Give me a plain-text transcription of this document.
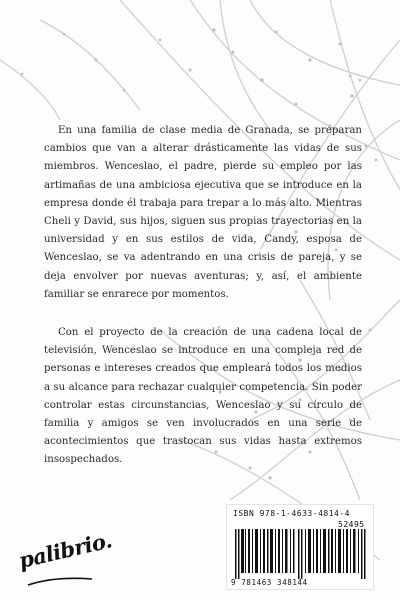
En una familia de clase media de Granada, se preparan cambios que van a alterar drásticamente las vidas de sus miembros. Wenceslao, el padre, pierde su empleo por las artimañas de una ambiciosa ejecutiva que se introduce en la empresa donde él trabaja para trepar a lo más alto. Mientras Cheli y David, sus hijos, siguen sus propias trayectorias en la universidad y en sus estilos de vida, Candy, esposa de Wenceslao, se va adentrando en una crisis de pareja, y se deja envolver por nuevas aventuras; y, así, el ambiente familiar se enrarece por momentos.

Con el proyecto de la creación de una cadena local de televisión, Wenceslao se introduce en una compleja red de personas e intereses creados que empleará todos los medios a su alcance para rechazar cualquier competencia. Sin poder controlar estas circunstancias, Wenceslao y su círculo de familia y amigos se ven involucrados en una serie de acontecimientos que trastocan sus vidas hasta extremos insospechados.

ISBN 978-1-4633-4814-4
52495
9 781463 348144
palibrio.
